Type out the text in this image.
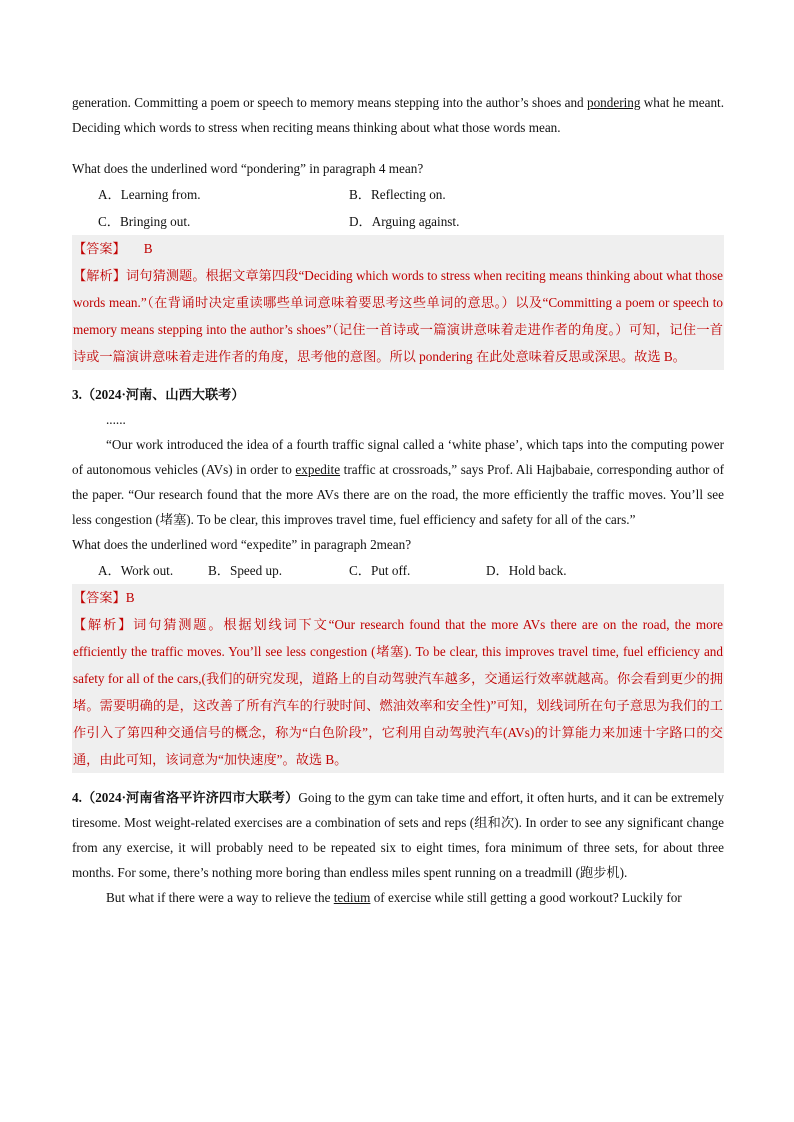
generation. Committing a poem or speech to memory means stepping into the author’s shoes and pondering what he meant. Deciding which words to stress when reciting means thinking about what those words mean.

What does the underlined word “pondering” in paragraph 4 mean?

A．Learning from.	B．Reflecting on.
C．Bringing out.	D．Arguing against.

【答案】 B

【解析】词句猜测题。根据文章第四段“Deciding which words to stress when reciting means thinking about what those words mean.”（在背诵时决定重读哪些单词意味着要思考这些单词的意思。）以及“Committing a poem or speech to memory means stepping into the author’s shoes”（记住一首诗或一篇演讲意味着走进作者的角度。）可知，记住一首诗或一篇演讲意味着走进作者的角度，思考他的意图。所以 pondering 在此处意味着反思或深思。故选 B。

3.（2024·河南、山西大联考）

......

“Our work introduced the idea of a fourth traffic signal called a ‘white phase’, which taps into the computing power of autonomous vehicles (AVs) in order to expedite traffic at crossroads,” says Prof. Ali Hajbabaie, corresponding author of the paper. “Our research found that the more AVs there are on the road, the more efficiently the traffic moves. You’ll see less congestion (堵塞). To be clear, this improves travel time, fuel efficiency and safety for all of the cars.”

What does the underlined word “expedite” in paragraph 2mean?

A．Work out.	B．Speed up.	C．Put off.	D．Hold back.

【答案】B

【解析】词句猜测题。根据划线词下文“Our research found that the more AVs there are on the road, the more efficiently the traffic moves. You’ll see less congestion (堵塞). To be clear, this improves travel time, fuel efficiency and safety for all of the cars,(我们的研究发现，道路上的自动驾驶汽车越多，交通运行效率就越高。你会看到更少的拥堵。需要明确的是，这改善了所有汽车的行驶时间、燃油效率和安全性)”可知，划线词所在句子意思为我们的工作引入了第四种交通信号的概念，称为“白色阶段”，它利用自动驾驶汽车(AVs)的计算能力来加速十字路口的交通，由此可知，该词意为“加快速度”。故选 B。

4.（2024·河南省洛平许济四市大联考）Going to the gym can take time and effort, it often hurts, and it can be extremely tiresome. Most weight-related exercises are a combination of sets and reps (组和次). In order to see any significant change from any exercise, it will probably need to be repeated six to eight times, fora minimum of three sets, for about three months. For some, there’s nothing more boring than endless miles spent running on a treadmill (跑步机).

But what if there were a way to relieve the tedium of exercise while still getting a good workout? Luckily for
